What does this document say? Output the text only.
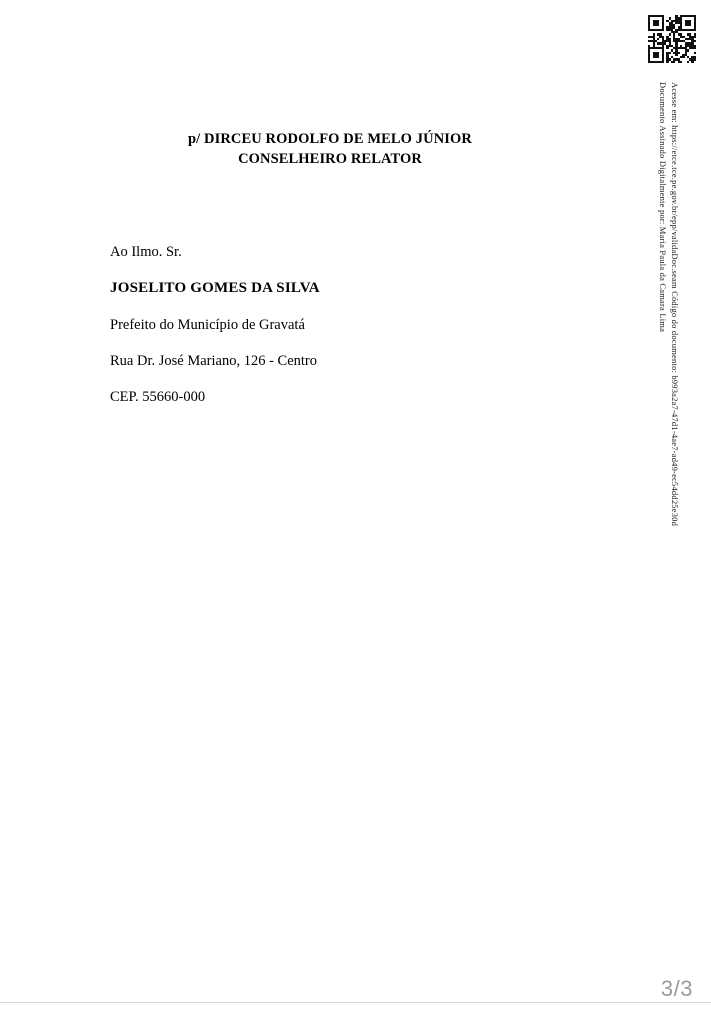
p/ DIRCEU RODOLFO DE MELO JÚNIOR
CONSELHEIRO RELATOR
Ao Ilmo. Sr.
JOSELITO GOMES DA SILVA
Prefeito do Município de Gravatá
Rua Dr. José Mariano, 126 - Centro
CEP. 55660-000
Documento Assinado Digitalmente por: Maria Paula da Camara Lima Acesse em: https://etce.tce.pe.gov.br/epp/validaDoc.seam Código do documento: b993a2a7-47d1-4ae7-ad49-ec54dd25e30d
3/3
